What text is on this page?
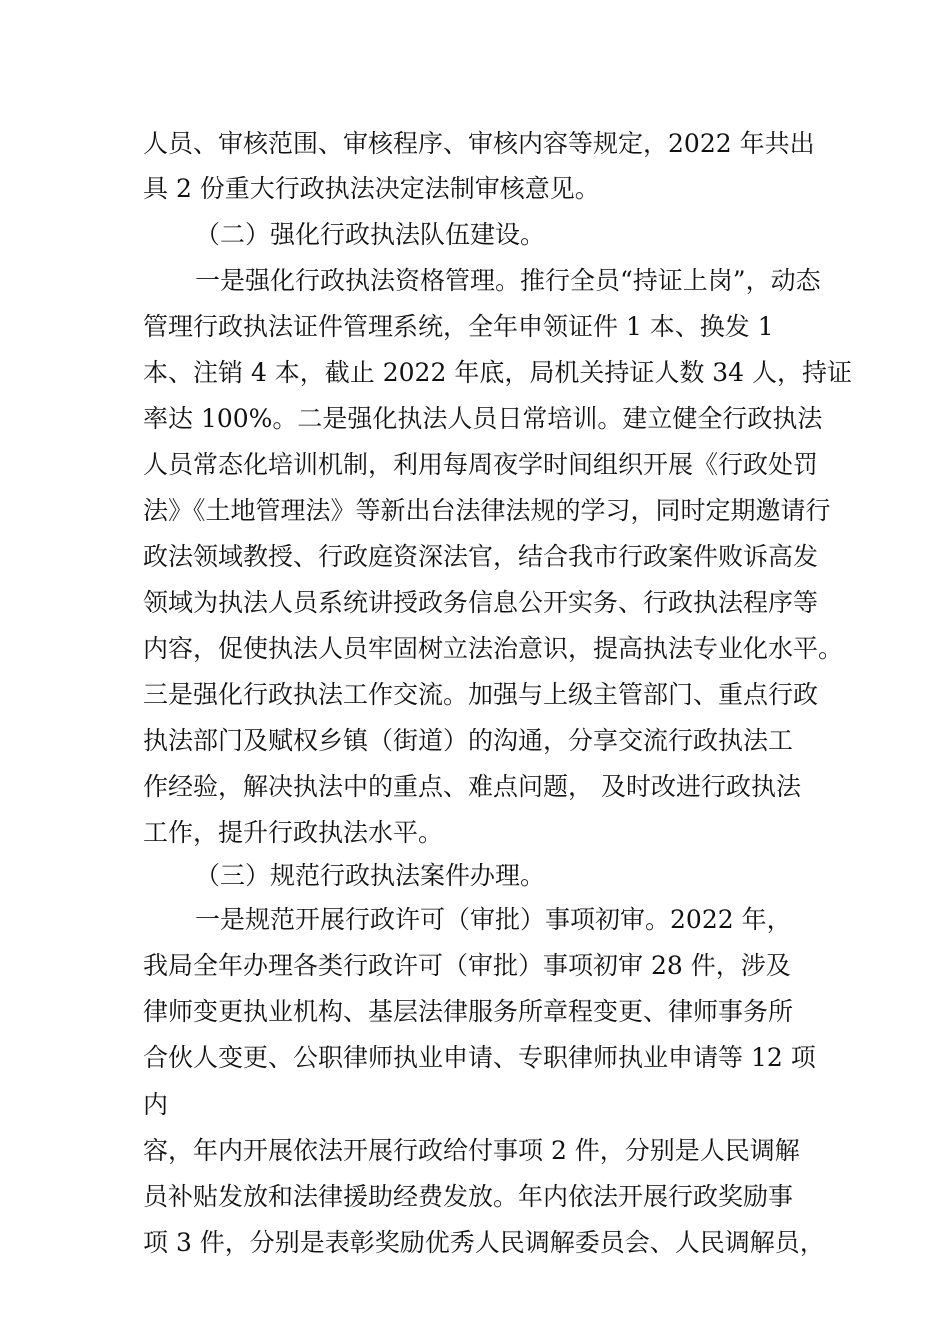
人员、审核范围、审核程序、审核内容等规定，2022 年共出
具 2 份重大行政执法决定法制审核意见。
（二）强化行政执法队伍建设。
一是强化行政执法资格管理。推行全员“持证上岗”，动态
管理行政执法证件管理系统，全年申领证件 1 本、换发 1
本、注销 4 本，截止 2022 年底，局机关持证人数 34 人，持证
率达 100%。二是强化执法人员日常培训。建立健全行政执法
人员常态化培训机制，利用每周夜学时间组织开展《行政处罚
法》《土地管理法》等新出台法律法规的学习，同时定期邀请行
政法领域教授、行政庭资深法官，结合我市行政案件败诉高发
领域为执法人员系统讲授政务信息公开实务、行政执法程序等
内容，促使执法人员牢固树立法治意识，提高执法专业化水平。
三是强化行政执法工作交流。加强与上级主管部门、重点行政
执法部门及赋权乡镇（街道）的沟通，分享交流行政执法工
作经验，解决执法中的重点、难点问题， 及时改进行政执法
工作，提升行政执法水平。
（三）规范行政执法案件办理。
一是规范开展行政许可（审批）事项初审。2022 年，
我局全年办理各类行政许可（审批）事项初审 28 件，涉及
律师变更执业机构、基层法律服务所章程变更、律师事务所
合伙人变更、公职律师执业申请、专职律师执业申请等 12 项
内
容，年内开展依法开展行政给付事项 2 件，分别是人民调解
员补贴发放和法律援助经费发放。年内依法开展行政奖励事
项 3 件，分别是表彰奖励优秀人民调解委员会、人民调解员，
